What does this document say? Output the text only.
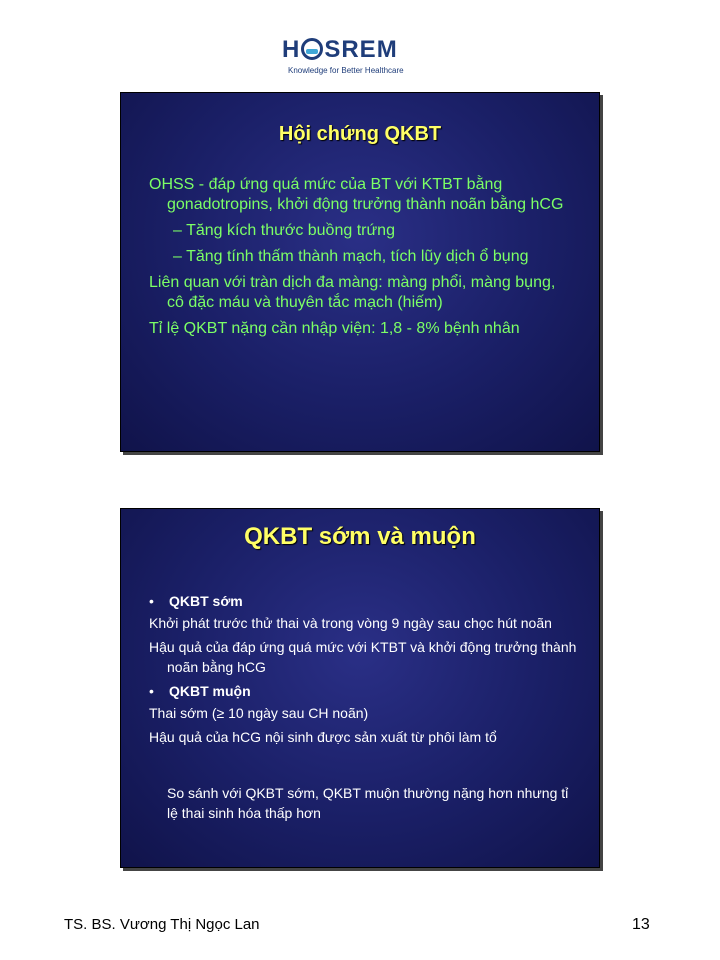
H SREM
Knowledge for Better Healthcare
Hội chứng QKBT
OHSS - đáp ứng quá mức của BT với KTBT bằng gonadotropins, khởi động trưởng thành noãn bằng hCG
– Tăng kích thước buồng trứng
– Tăng tính thấm thành mạch, tích lũy dịch ổ bụng
Liên quan với tràn dịch đa màng: màng phổi, màng bụng, cô đặc máu và thuyên tắc mạch (hiếm)
Tỉ lệ QKBT nặng cần nhập viện: 1,8 - 8% bệnh nhân
QKBT sớm và muộn
• QKBT sớm
Khởi phát trước thử thai và trong vòng 9 ngày sau chọc hút noãn
Hậu quả của đáp ứng quá mức với KTBT và khởi động trưởng thành noãn bằng hCG
• QKBT muộn
Thai sớm (≥ 10 ngày sau CH noãn)
Hậu quả của hCG nội sinh được sản xuất từ phôi làm tổ
So sánh với QKBT sớm, QKBT muộn thường nặng hơn nhưng tỉ lệ thai sinh hóa thấp hơn
TS. BS. Vương Thị Ngọc Lan	13
